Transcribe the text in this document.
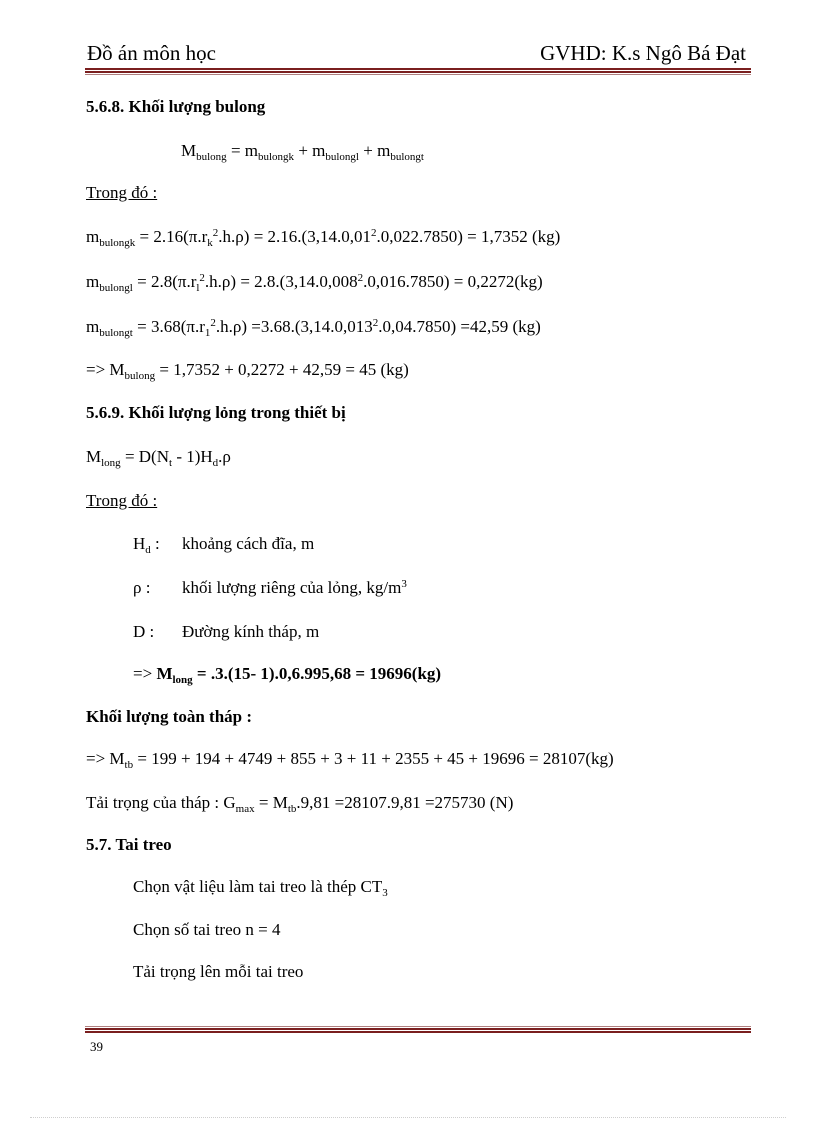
Đồ án môn học	GVHD: K.s Ngô Bá Đạt
5.6.8. Khối lượng bulong
$M_{bulong} = m_{bulongk} + m_{bulongl} + m_{bulongt}$
Trong đó :
$m_{bulongk} = 2.16(\pi.r_k^2.h.\rho) = 2.16.(3,14.0,01^2.0,022.7850) = 1,7352$ (kg)
$m_{bulongl} = 2.8(\pi.r_l^2.h.\rho) = 2.8.(3,14.0,008^2.0,016.7850) = 0,2272(kg)$
$m_{bulongt} = 3.68(\pi.r_1^2.h.\rho) =3.68.(3,14.0,013^2.0,04.7850) =42,59$ (kg)
=> $M_{bulong} = 1,7352 + 0,2272 + 42,59 = 45$ (kg)
5.6.9. Khối lượng lỏng trong thiết bị
$M_{long} = D(N_t - 1)H_d.\rho$
Trong đó :
$H_d$ : khoảng cách đĩa, m
ρ : khối lượng riêng của lỏng, $kg/m^3$
D : Đường kính tháp, m
=> $M_{long} = .3.(15-$ 1).0,6.995,68 = 19696(kg)
Khối lượng toàn tháp :
=> $M_{tb} = 199 + 194 + 4749 + 855 + 3 + 11 + 2355 + 45 + 19696 = 28107(kg)$
Tải trọng của tháp : $G_{max} = M_{tb}.9,81 =28107.9,81 =275730$ (N)
5.7. Tai treo
Chọn vật liệu làm tai treo là thép $CT_3$
Chọn số tai treo n = 4
Tải trọng lên mỗi tai treo
39
